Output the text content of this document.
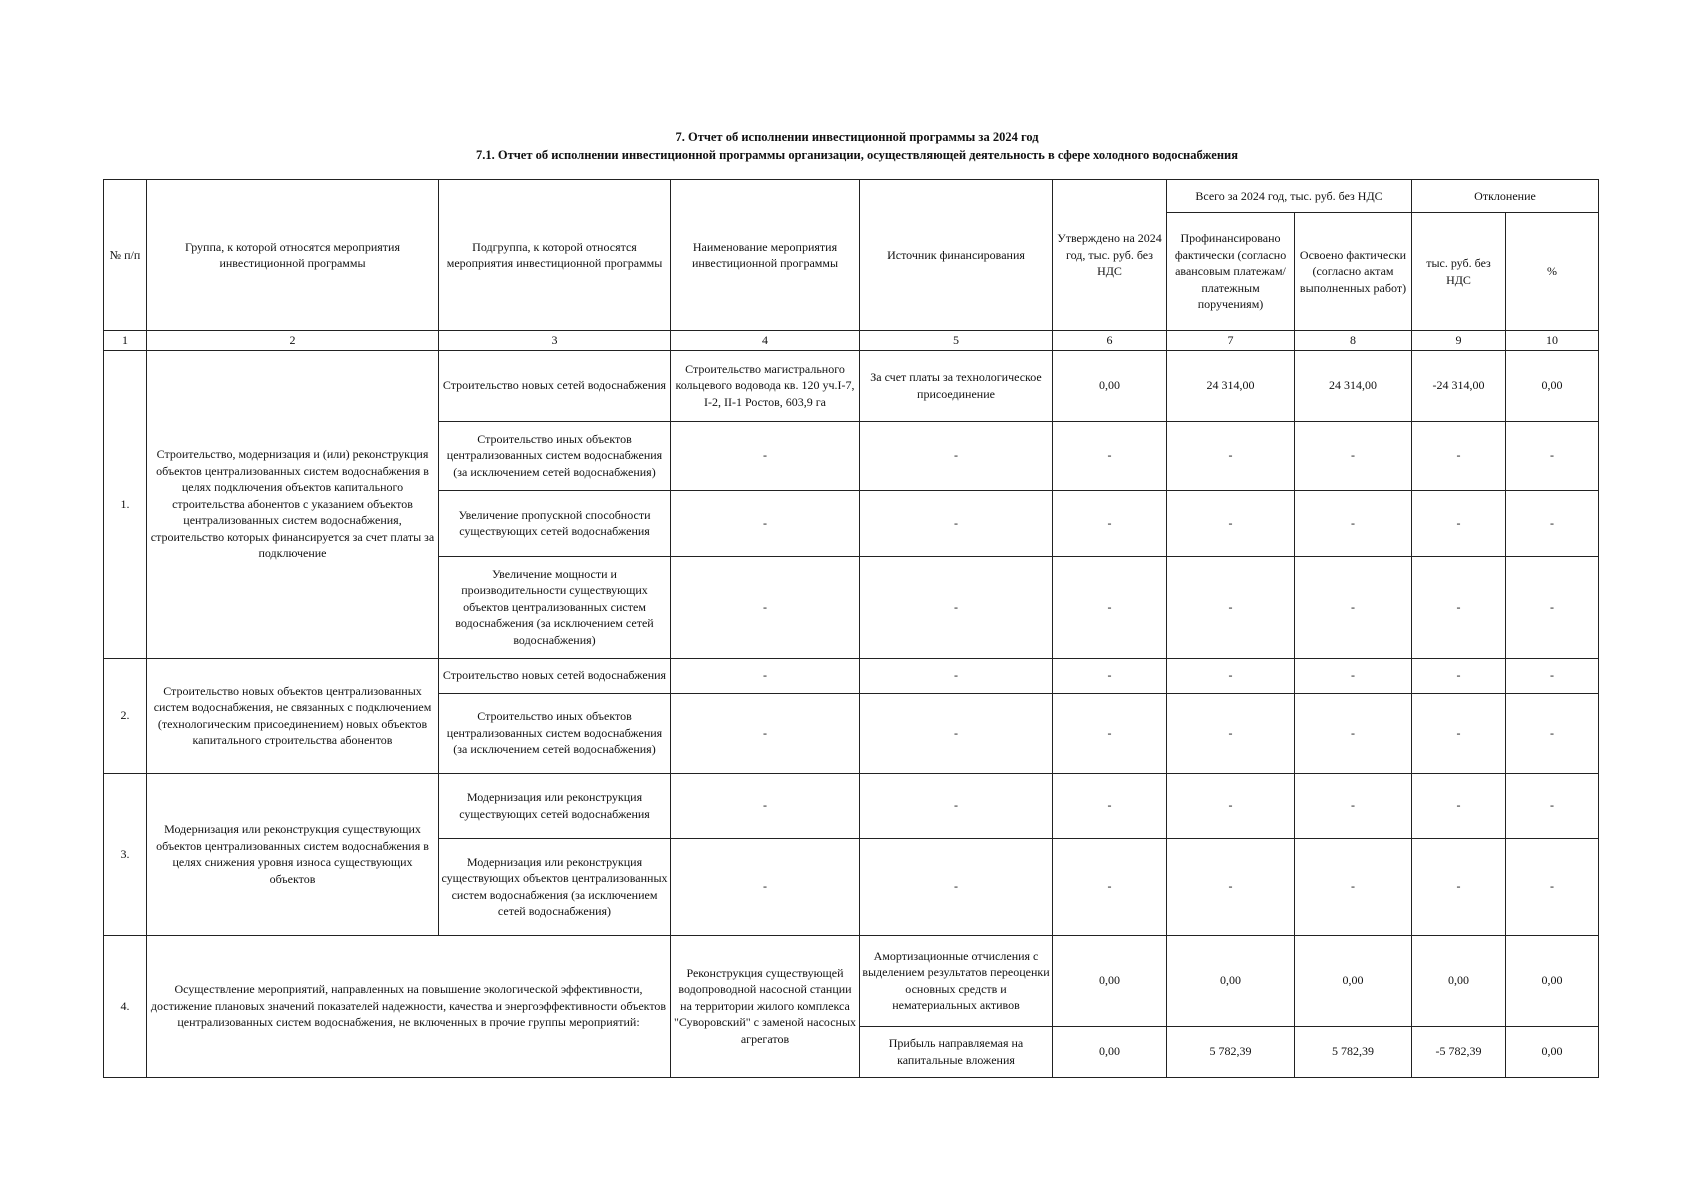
7. Отчет об исполнении инвестиционной программы за 2024 год
7.1. Отчет об исполнении инвестиционной программы организации, осуществляющей деятельность в сфере холодного водоснабжения
№ п/п	Группа, к которой относятся мероприятия инвестиционной программы	Подгруппа, к которой относятся мероприятия инвестиционной программы	Наименование мероприятия инвестиционной программы	Источник финансирования	Утверждено на 2024 год, тыс. руб. без НДС	Всего за 2024 год, тыс. руб. без НДС		Отклонение	
						Профинансировано фактически (согласно авансовым платежам/платежным поручениям)	Освоено фактически (согласно актам выполненных работ)	тыс. руб. без НДС	%
1	2	3	4	5	6	7	8	9	10
1.	Строительство, модернизация и (или) реконструкция объектов централизованных систем водоснабжения в целях подключения объектов капитального строительства абонентов с указанием объектов централизованных систем водоснабжения, строительство которых финансируется за счет платы за подключение	Строительство новых сетей водоснабжения	Строительство магистрального кольцевого водовода кв. 120 уч.I-7, I-2, II-1 Ростов, 603,9 га	За счет платы за технологическое присоединение	0,00	24 314,00	24 314,00	-24 314,00	0,00
		Строительство иных объектов централизованных систем водоснабжения (за исключением сетей водоснабжения)	-	-	-	-	-	-	-
		Увеличение пропускной способности существующих сетей водоснабжения	-	-	-	-	-	-	-
		Увеличение мощности и производительности существующих объектов централизованных систем водоснабжения (за исключением сетей водоснабжения)	-	-	-	-	-	-	-
2.	Строительство новых объектов централизованных систем водоснабжения, не связанных с подключением (технологическим присоединением) новых объектов капитального строительства абонентов	Строительство новых сетей водоснабжения	-	-	-	-	-	-	-
		Строительство иных объектов централизованных систем водоснабжения (за исключением сетей водоснабжения)	-	-	-	-	-	-	-
3.	Модернизация или реконструкция существующих объектов централизованных систем водоснабжения в целях снижения уровня износа существующих объектов	Модернизация или реконструкция существующих сетей водоснабжения	-	-	-	-	-	-	-
		Модернизация или реконструкция существующих объектов централизованных систем водоснабжения (за исключением сетей водоснабжения)	-	-	-	-	-	-	-
4.	Осуществление мероприятий, направленных на повышение экологической эффективности, достижение плановых значений показателей надежности, качества и энергоэффективности объектов централизованных систем водоснабжения, не включенных в прочие группы мероприятий:		Реконструкция существующей водопроводной насосной станции на территории жилого комплекса "Суворовский" с заменой насосных агрегатов	Амортизационные отчисления с выделением результатов переоценки основных средств и нематериальных активов	0,00	0,00	0,00	0,00	0,00
				Прибыль направляемая на капитальные вложения	0,00	5 782,39	5 782,39	-5 782,39	0,00
